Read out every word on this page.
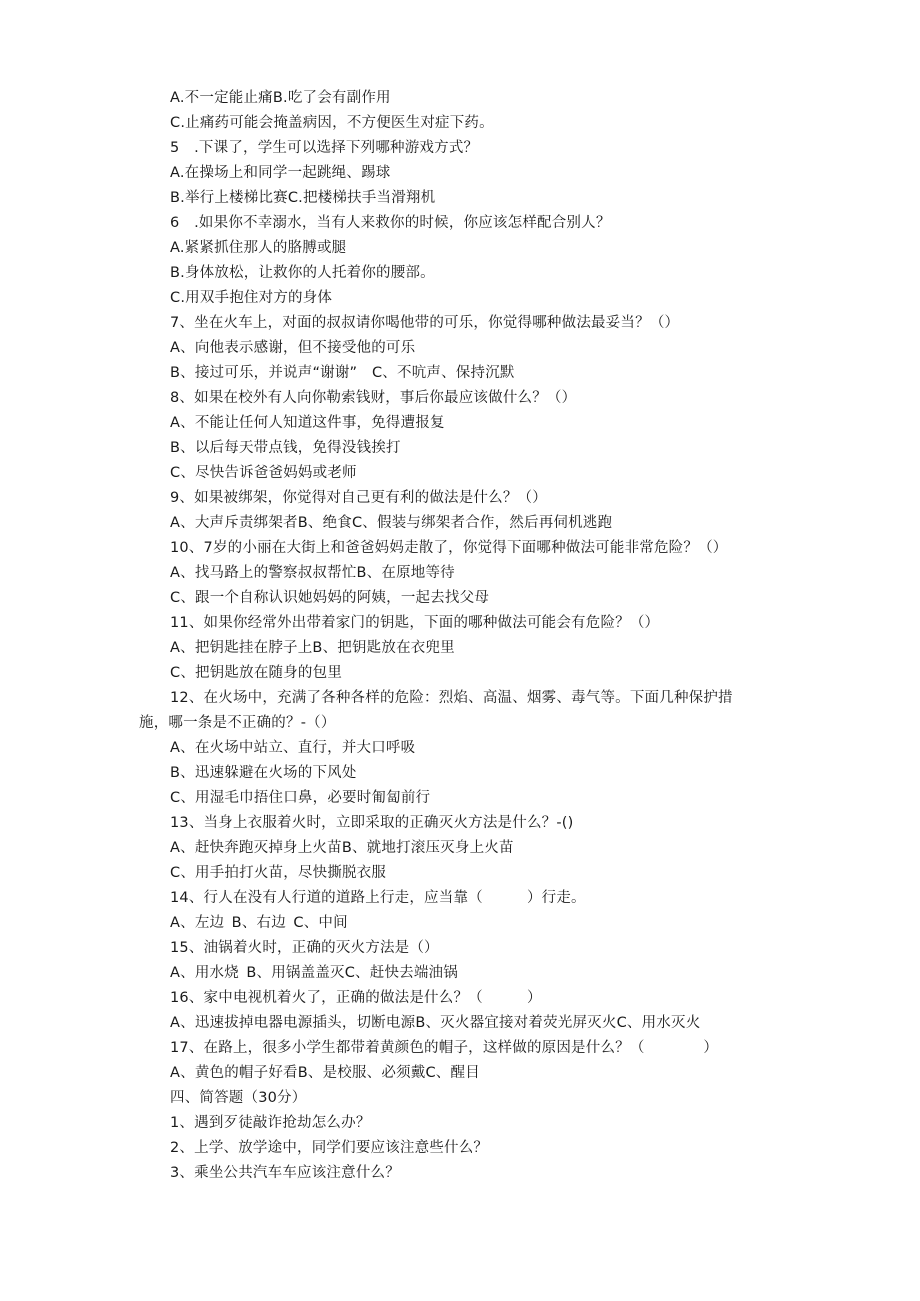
A.不一定能止痛B.吃了会有副作用
C.止痛药可能会掩盖病因，不方便医生对症下药。
5　.下课了，学生可以选择下列哪种游戏方式？
A.在操场上和同学一起跳绳、踢球
B.举行上楼梯比赛C.把楼梯扶手当滑翔机
6　.如果你不幸溺水，当有人来救你的时候，你应该怎样配合别人？
A.紧紧抓住那人的胳膊或腿
B.身体放松，让救你的人托着你的腰部。
C.用双手抱住对方的身体
7、坐在火车上，对面的叔叔请你喝他带的可乐，你觉得哪种做法最妥当？（）
A、向他表示感谢，但不接受他的可乐
B、接过可乐，并说声“谢谢”　C、不吭声、保持沉默
8、如果在校外有人向你勒索钱财，事后你最应该做什么？（）
A、不能让任何人知道这件事，免得遭报复
B、以后每天带点钱，免得没钱挨打
C、尽快告诉爸爸妈妈或老师
9、如果被绑架，你觉得对自己更有利的做法是什么？（）
A、大声斥责绑架者B、绝食C、假装与绑架者合作，然后再伺机逃跑
10、7岁的小丽在大街上和爸爸妈妈走散了，你觉得下面哪种做法可能非常危险？（）
A、找马路上的警察叔叔帮忙B、在原地等待
C、跟一个自称认识她妈妈的阿姨，一起去找父母
11、如果你经常外出带着家门的钥匙，下面的哪种做法可能会有危险？（）
A、把钥匙挂在脖子上B、把钥匙放在衣兜里
C、把钥匙放在随身的包里
12、在火场中，充满了各种各样的危险：烈焰、高温、烟雾、毒气等。下面几种保护措
施，哪一条是不正确的？-（）
A、在火场中站立、直行，并大口呼吸
B、迅速躲避在火场的下风处
C、用湿毛巾捂住口鼻，必要时匍匐前行
13、当身上衣服着火时，立即采取的正确灭火方法是什么？-()
A、赶快奔跑灭掉身上火苗B、就地打滚压灭身上火苗
C、用手拍打火苗，尽快撕脱衣服
14、行人在没有人行道的道路上行走，应当靠（　　　）行走。
A、左边 B、右边 C、中间
15、油锅着火时，正确的灭火方法是（）
A、用水烧 B、用锅盖盖灭C、赶快去端油锅
16、家中电视机着火了，正确的做法是什么？（　　　）
A、迅速拔掉电器电源插头，切断电源B、灭火器宜接对着荧光屏灭火C、用水灭火
17、在路上，很多小学生都带着黄颜色的帽子，这样做的原因是什么？（　　　　）
A、黄色的帽子好看B、是校服、必须戴C、醒目
四、简答题（30分）
1、遇到歹徒敲诈抢劫怎么办？
2、上学、放学途中，同学们要应该注意些什么？
3、乘坐公共汽车车应该注意什么？
